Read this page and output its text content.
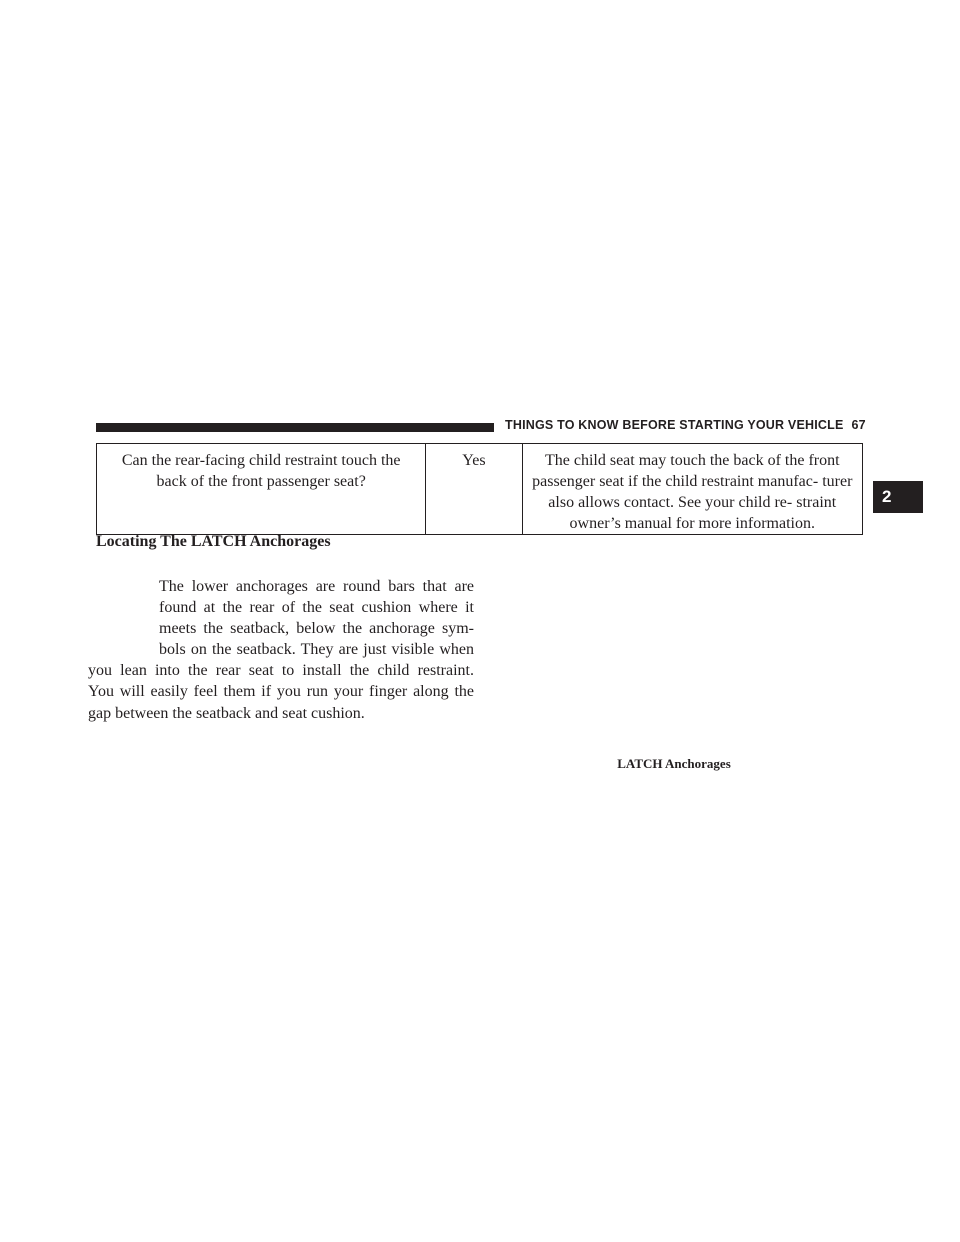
THINGS TO KNOW BEFORE STARTING YOUR VEHICLE 67
2
Can the rear-facing child restraint touch the back of the front passenger seat?	Yes	The child seat may touch the back of the front passenger seat if the child restraint manufac- turer also allows contact. See your child re- straint owner’s manual for more information.
Locating The LATCH Anchorages
The lower anchorages are round bars that are
found at the rear of the seat cushion where it
meets the seatback, below the anchorage sym-
bols on the seatback. They are just visible when
you lean into the rear seat to install the child restraint.
You will easily feel them if you run your finger along the
gap between the seatback and seat cushion.
LATCH Anchorages
